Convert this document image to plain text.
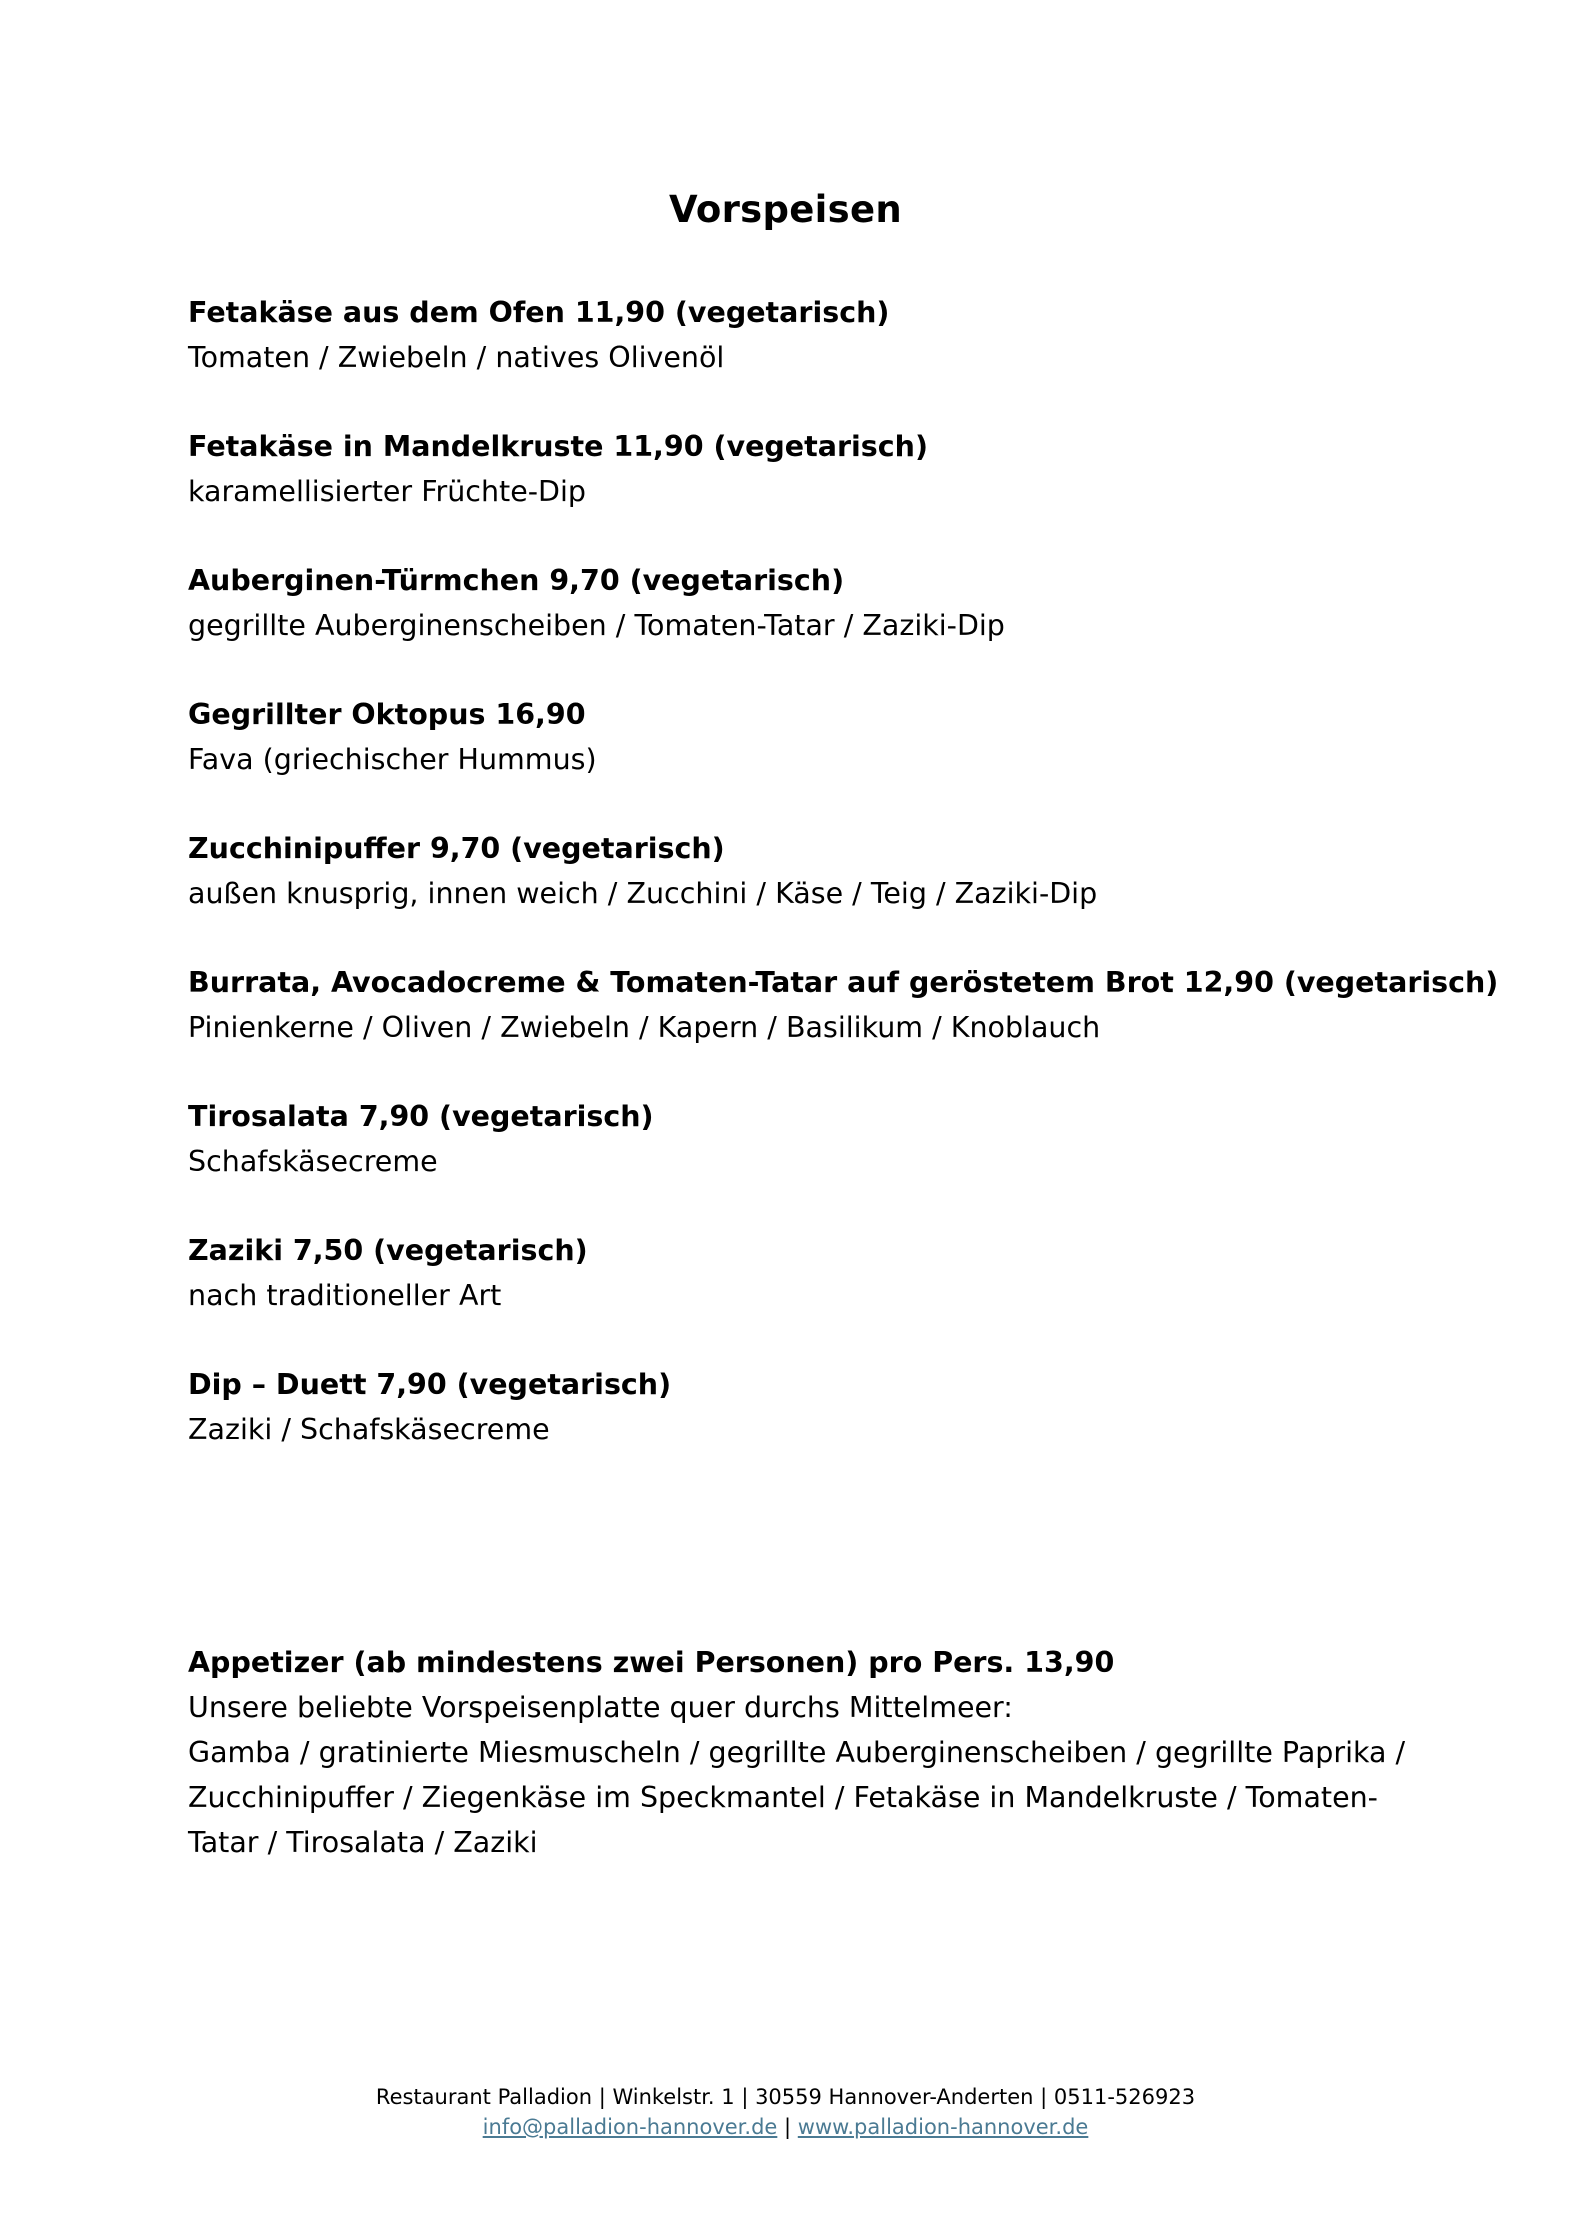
Vorspeisen
Fetakäse aus dem Ofen 11,90 (vegetarisch)
Tomaten / Zwiebeln / natives Olivenöl
Fetakäse in Mandelkruste 11,90 (vegetarisch)
karamellisierter Früchte-Dip
Auberginen-Türmchen 9,70 (vegetarisch)
gegrillte Auberginenscheiben / Tomaten-Tatar / Zaziki-Dip
Gegrillter Oktopus 16,90
Fava (griechischer Hummus)
Zucchinipuffer 9,70 (vegetarisch)
außen knusprig, innen weich / Zucchini / Käse / Teig / Zaziki-Dip
Burrata, Avocadocreme & Tomaten-Tatar auf geröstetem Brot 12,90 (vegetarisch)
Pinienkerne / Oliven / Zwiebeln / Kapern / Basilikum / Knoblauch
Tirosalata 7,90 (vegetarisch)
Schafskäsecreme
Zaziki 7,50 (vegetarisch)
nach traditioneller Art
Dip – Duett 7,90 (vegetarisch)
Zaziki / Schafskäsecreme
Appetizer (ab mindestens zwei Personen) pro Pers. 13,90
Unsere beliebte Vorspeisenplatte quer durchs Mittelmeer:
Gamba / gratinierte Miesmuscheln / gegrillte Auberginenscheiben / gegrillte Paprika / Zucchinipuffer / Ziegenkäse im Speckmantel / Fetakäse in Mandelkruste / Tomaten-Tatar / Tirosalata / Zaziki
Restaurant Palladion | Winkelstr. 1 | 30559 Hannover-Anderten | 0511-526923
info@palladion-hannover.de | www.palladion-hannover.de
